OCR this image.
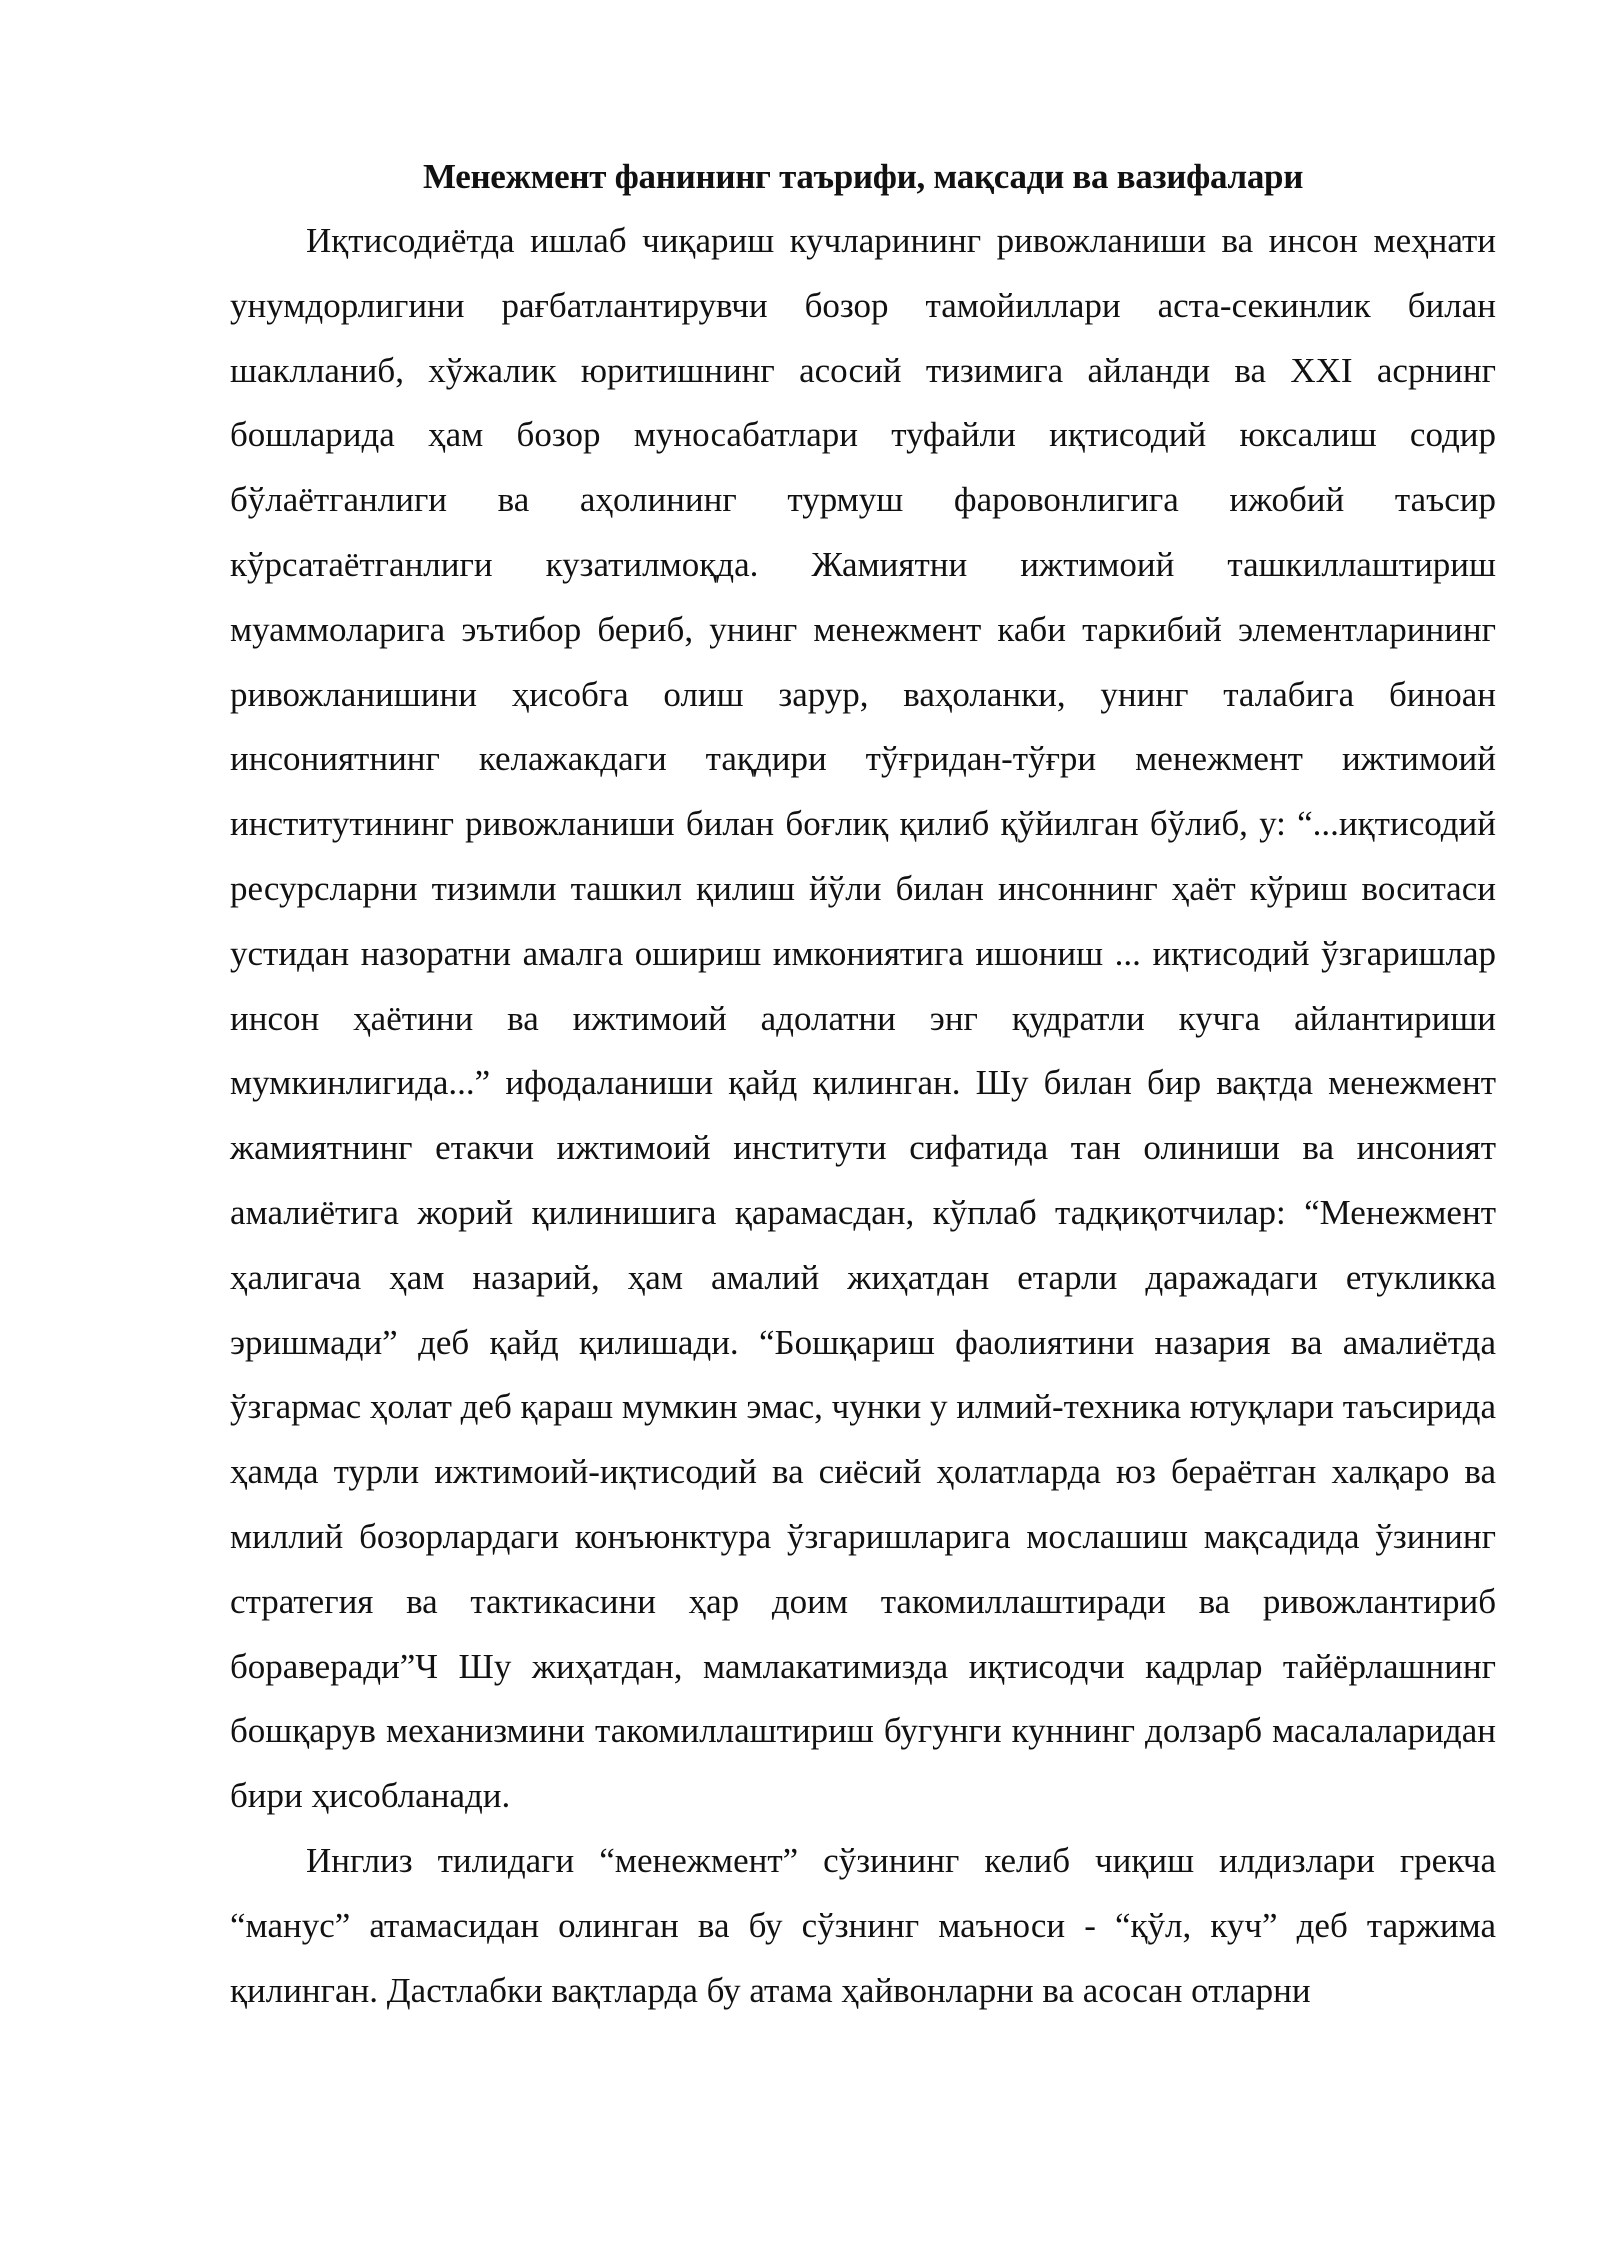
Менежмент фанининг таърифи, мақсади ва вазифалари

Иқтисодиётда ишлаб чиқариш кучларининг ривожланиши ва инсон меҳнати унумдорлигини рағбатлантирувчи бозор тамойиллари аста-секинлик билан шаклланиб, хўжалик юритишнинг асосий тизимига айланди ва XXI асрнинг бошларида ҳам бозор муносабатлари туфайли иқтисодий юксалиш содир бўлаётганлиги ва аҳолининг турмуш фаровонлигига ижобий таъсир кўрсатаётганлиги кузатилмоқда. Жамиятни ижтимоий ташкиллаштириш муаммоларига эътибор бериб, унинг менежмент каби таркибий элементларининг ривожланишини ҳисобга олиш зарур, ваҳоланки, унинг талабига биноан инсониятнинг келажакдаги тақдири тўғридан-тўғри менежмент ижтимоий институтининг ривожланиши билан боғлиқ қилиб қўйилган бўлиб, у: “...иқтисодий ресурсларни тизимли ташкил қилиш йўли билан инсоннинг ҳаёт кўриш воситаси устидан назоратни амалга ошириш имкониятига ишониш ... иқтисодий ўзгаришлар инсон ҳаётини ва ижтимоий адолатни энг қудратли кучга айлантириши мумкинлигида...” ифодаланиши қайд қилинган. Шу билан бир вақтда менежмент жамиятнинг етакчи ижтимоий институти сифатида тан олиниши ва инсоният амалиётига жорий қилинишига қарамасдан, кўплаб тадқиқотчилар: “Менежмент ҳалигача ҳам назарий, ҳам амалий жиҳатдан етарли даражадаги етукликка эришмади” деб қайд қилишади. “Бошқариш фаолиятини назария ва амалиётда ўзгармас ҳолат деб қараш мумкин эмас, чунки у илмий-техника ютуқлари таъсирида ҳамда турли ижтимоий-иқтисодий ва сиёсий ҳолатларда юз бераётган халқаро ва миллий бозорлардаги конъюнктура ўзгаришларига мослашиш мақсадида ўзининг стратегия ва тактикасини ҳар доим такомиллаштиради ва ривожлантириб бораверади”Ч Шу жиҳатдан, мамлакатимизда иқтисодчи кадрлар тайёрлашнинг бошқарув механизмини такомиллаштириш бугунги куннинг долзарб масалаларидан бири ҳисобланади.

Инглиз тилидаги “менежмент” сўзининг келиб чиқиш илдизлари грекча “манус” атамасидан олинган ва бу сўзнинг маъноси - “қўл, куч” деб таржима қилинган. Дастлабки вақтларда бу атама ҳайвонларни ва асосан отларни
